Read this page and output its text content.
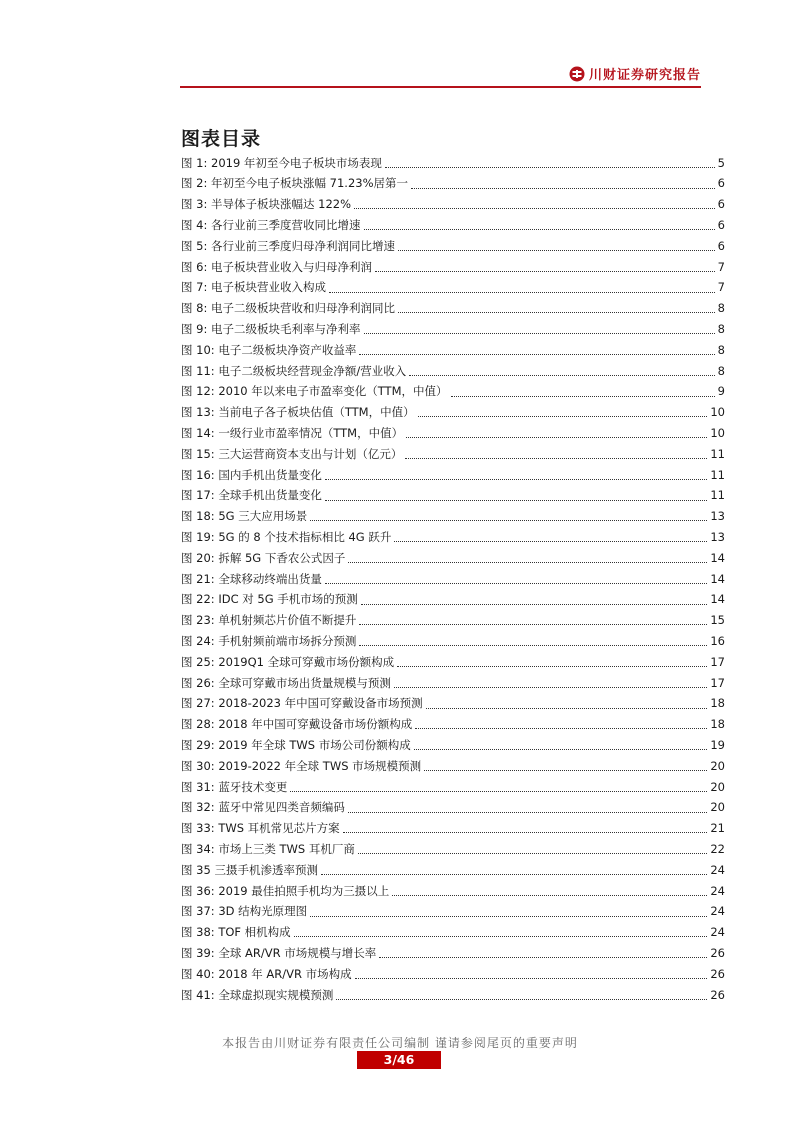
川财证券研究报告
图表目录
图 1: 2019 年初至今电子板块市场表现	5
图 2: 年初至今电子板块涨幅 71.23%居第一	6
图 3: 半导体子板块涨幅达 122%	6
图 4: 各行业前三季度营收同比增速	6
图 5: 各行业前三季度归母净利润同比增速	6
图 6: 电子板块营业收入与归母净利润	7
图 7: 电子板块营业收入构成	7
图 8: 电子二级板块营收和归母净利润同比	8
图 9: 电子二级板块毛利率与净利率	8
图 10: 电子二级板块净资产收益率	8
图 11: 电子二级板块经营现金净额/营业收入	8
图 12: 2010 年以来电子市盈率变化（TTM，中值）	9
图 13: 当前电子各子板块估值（TTM，中值）	10
图 14: 一级行业市盈率情况（TTM，中值）	10
图 15: 三大运营商资本支出与计划（亿元）	11
图 16: 国内手机出货量变化	11
图 17: 全球手机出货量变化	11
图 18: 5G 三大应用场景	13
图 19: 5G 的 8 个技术指标相比 4G 跃升	13
图 20: 拆解 5G 下香农公式因子	14
图 21: 全球移动终端出货量	14
图 22: IDC 对 5G 手机市场的预测	14
图 23: 单机射频芯片价值不断提升	15
图 24: 手机射频前端市场拆分预测	16
图 25: 2019Q1 全球可穿戴市场份额构成	17
图 26: 全球可穿戴市场出货量规模与预测	17
图 27: 2018-2023 年中国可穿戴设备市场预测	18
图 28: 2018 年中国可穿戴设备市场份额构成	18
图 29: 2019 年全球 TWS 市场公司份额构成	19
图 30: 2019-2022 年全球 TWS 市场规模预测	20
图 31: 蓝牙技术变更	20
图 32: 蓝牙中常见四类音频编码	20
图 33: TWS 耳机常见芯片方案	21
图 34: 市场上三类 TWS 耳机厂商	22
图 35 三摄手机渗透率预测	24
图 36: 2019 最佳拍照手机均为三摄以上	24
图 37: 3D 结构光原理图	24
图 38: TOF 相机构成	24
图 39: 全球 AR/VR 市场规模与增长率	26
图 40: 2018 年 AR/VR 市场构成	26
图 41: 全球虚拟现实规模预测	26
本报告由川财证券有限责任公司编制 谨请参阅尾页的重要声明
3/46
